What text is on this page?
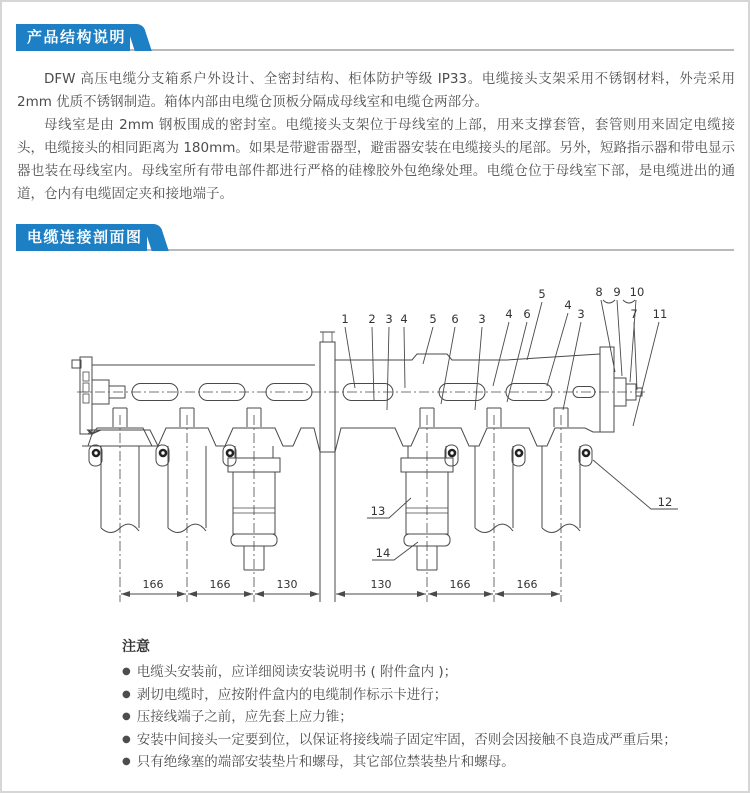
产品结构说明

DFW 高压电缆分支箱系户外设计、全密封结构、柜体防护等级 IP33。电缆接头支架采用不锈钢材料，外壳采用 2mm 优质不锈钢制造。箱体内部由电缆仓顶板分隔成母线室和电缆仓两部分。

母线室是由 2mm 钢板围成的密封室。电缆接头支架位于母线室的上部，用来支撑套管，套管则用来固定电缆接头，电缆接头的相同距离为 180mm。如果是带避雷器型，避雷器安装在电缆接头的尾部。另外，短路指示器和带电显示器也装在母线室内。母线室所有带电部件都进行严格的硅橡胶外包绝缘处理。电缆仓位于母线室下部，是电缆进出的通道，仓内有电缆固定夹和接地端子。

电缆连接剖面图
166	166	130	130	166	166
1 2 3 4 5 6 3 4 6
5
4
3
8 9 10
7 11
12
13
14
注意
● 电缆头安装前，应详细阅读安装说明书 ( 附件盒内 )；
● 剥切电缆时，应按附件盒内的电缆制作标示卡进行；
● 压接线端子之前，应先套上应力锥；
● 安装中间接头一定要到位，以保证将接线端子固定牢固，否则会因接触不良造成严重后果；
● 只有绝缘塞的端部安装垫片和螺母，其它部位禁装垫片和螺母。
